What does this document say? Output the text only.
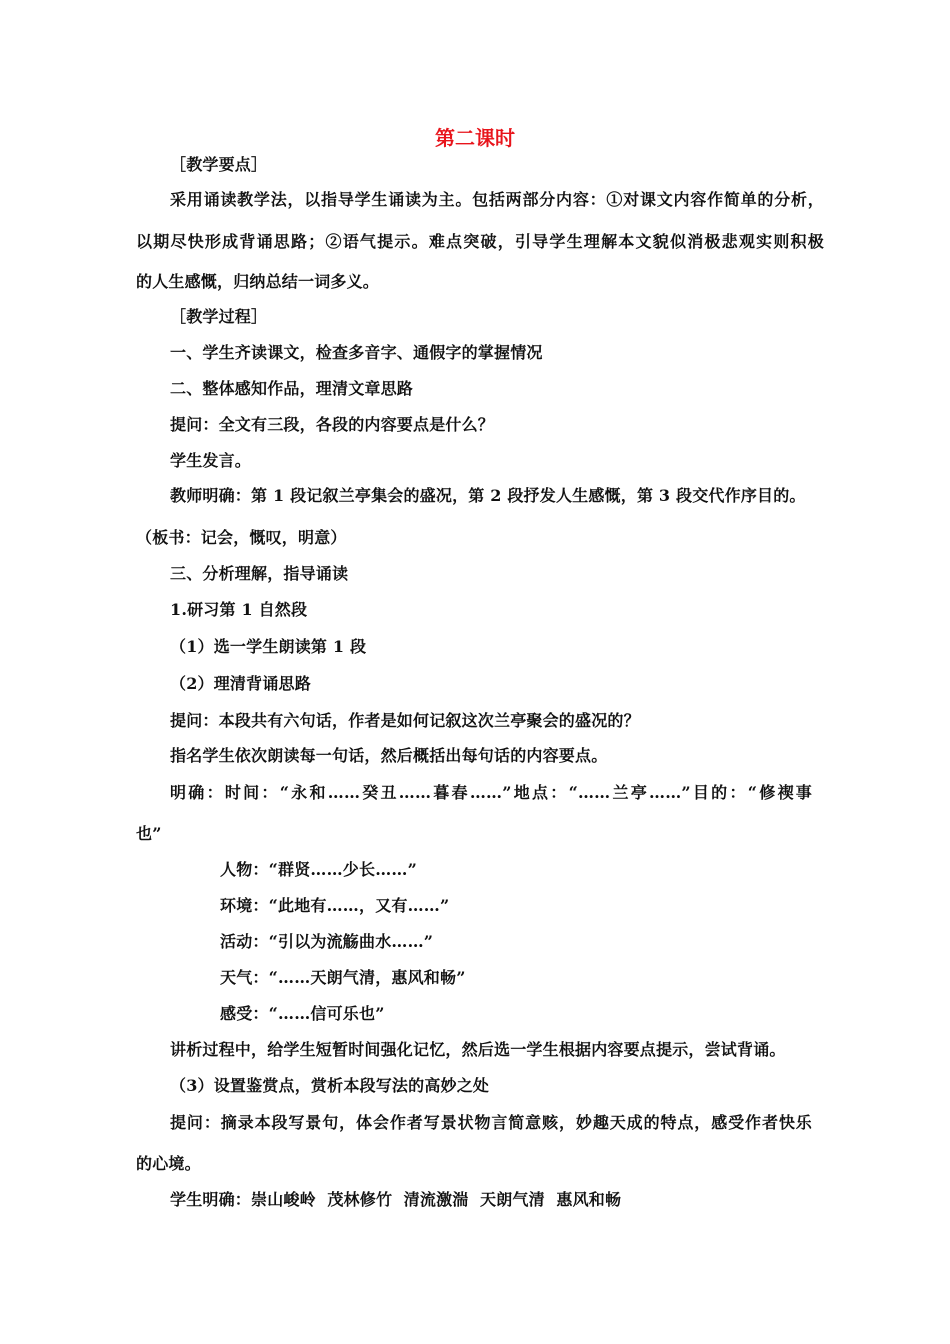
第二课时
［教学要点］
采用诵读教学法，以指导学生诵读为主。包括两部分内容：①对课文内容作简单的分析，
以期尽快形成背诵思路；②语气提示。难点突破，引导学生理解本文貌似消极悲观实则积极
的人生感慨，归纳总结一词多义。
［教学过程］
一、学生齐读课文，检查多音字、通假字的掌握情况
二、整体感知作品，理清文章思路
提问：全文有三段，各段的内容要点是什么？
学生发言。
教师明确：第 1 段记叙兰亭集会的盛况，第 2 段抒发人生感慨，第 3 段交代作序目的。
（板书：记会，慨叹，明意）
三、分析理解，指导诵读
1.研习第 1 自然段
（1）选一学生朗读第 1 段
（2）理清背诵思路
提问：本段共有六句话，作者是如何记叙这次兰亭聚会的盛况的？
指名学生依次朗读每一句话，然后概括出每句话的内容要点。
明确：时间：“永和……癸丑……暮春……”地点：“……兰亭……”目的：“修禊事
也”
人物：“群贤……少长……”
环境：“此地有……，又有……”
活动：“引以为流觞曲水……”
天气：“……天朗气清，惠风和畅”
感受：“……信可乐也”
讲析过程中，给学生短暂时间强化记忆，然后选一学生根据内容要点提示，尝试背诵。
（3）设置鉴赏点，赏析本段写法的高妙之处
提问：摘录本段写景句，体会作者写景状物言简意赅，妙趣天成的特点，感受作者快乐
的心境。
学生明确：崇山峻岭  茂林修竹  清流激湍  天朗气清  惠风和畅
